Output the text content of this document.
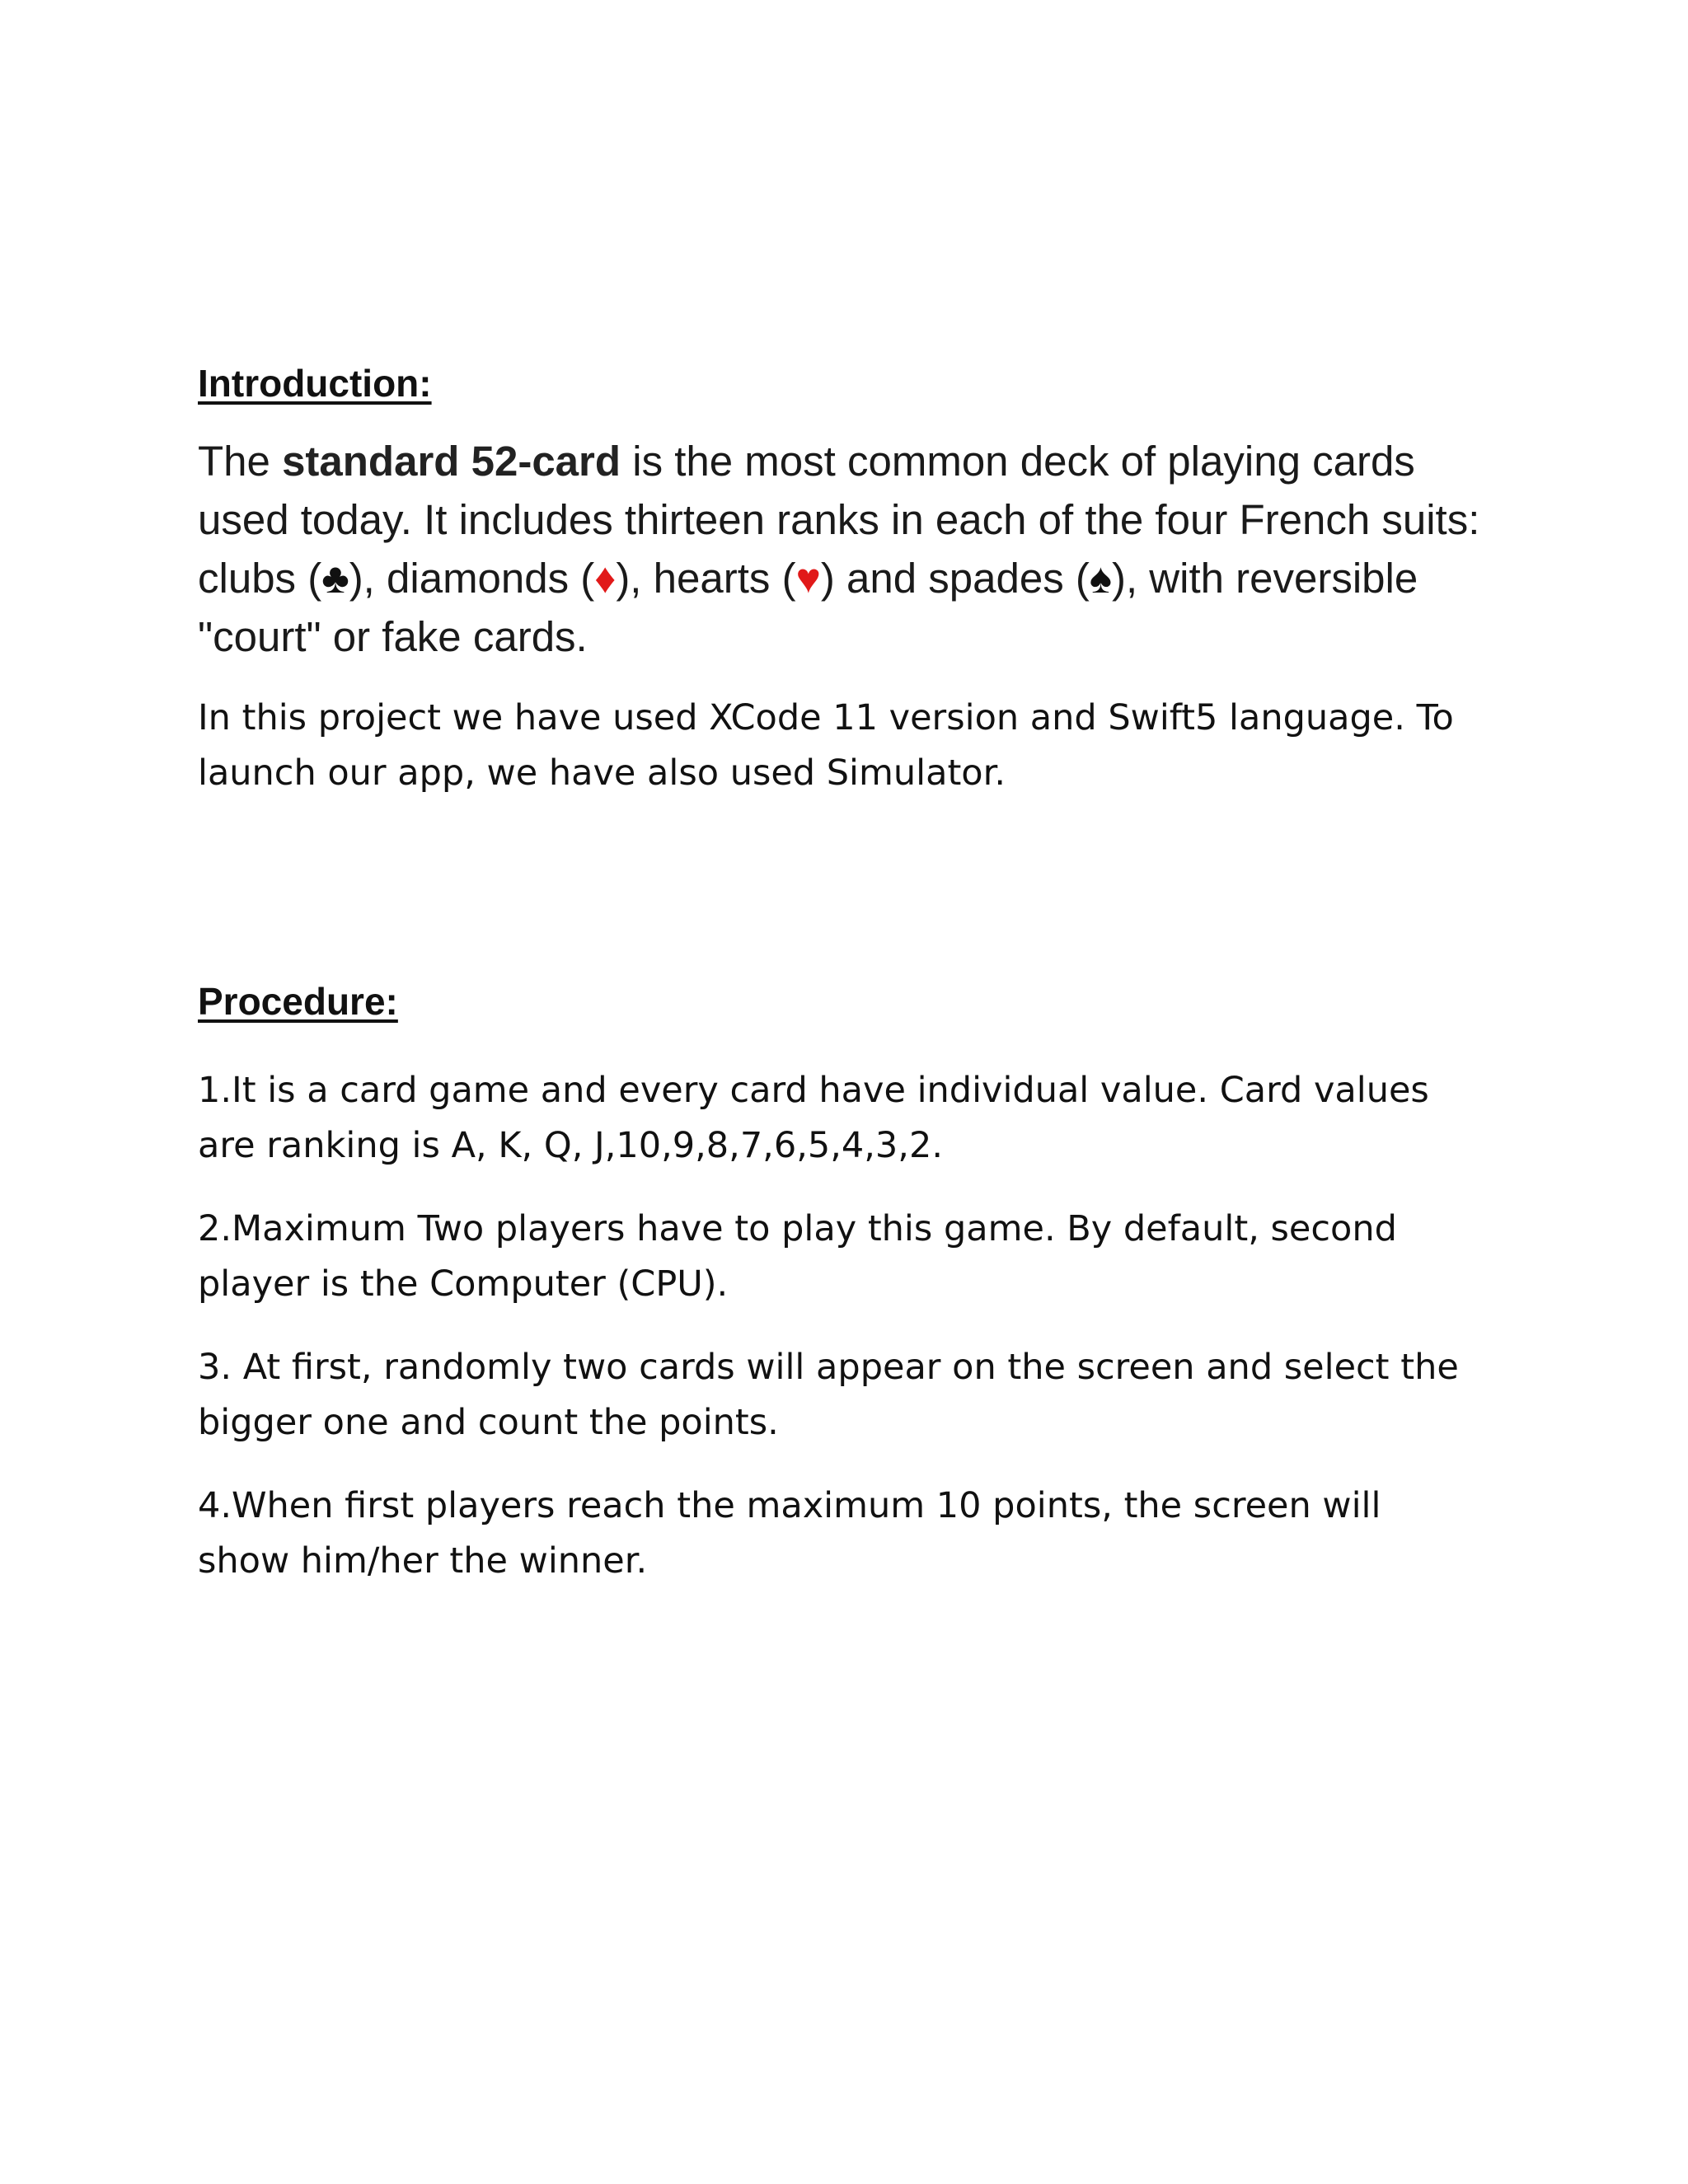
Introduction:

The standard 52-card is the most common deck of playing cards used today. It includes thirteen ranks in each of the four French suits: clubs (♣), diamonds (♦), hearts (♥) and spades (♠), with reversible "court" or fake cards.

In this project we have used XCode 11 version and Swift5 language. To launch our app, we have also used Simulator.

Procedure:

1.It is a card game and every card have individual value. Card values are ranking is A, K, Q, J,10,9,8,7,6,5,4,3,2.

2.Maximum Two players have to play this game. By default, second player is the Computer (CPU).

3. At first, randomly two cards will appear on the screen and select the bigger one and count the points.

4.When first players reach the maximum 10 points, the screen will show him/her the winner.
